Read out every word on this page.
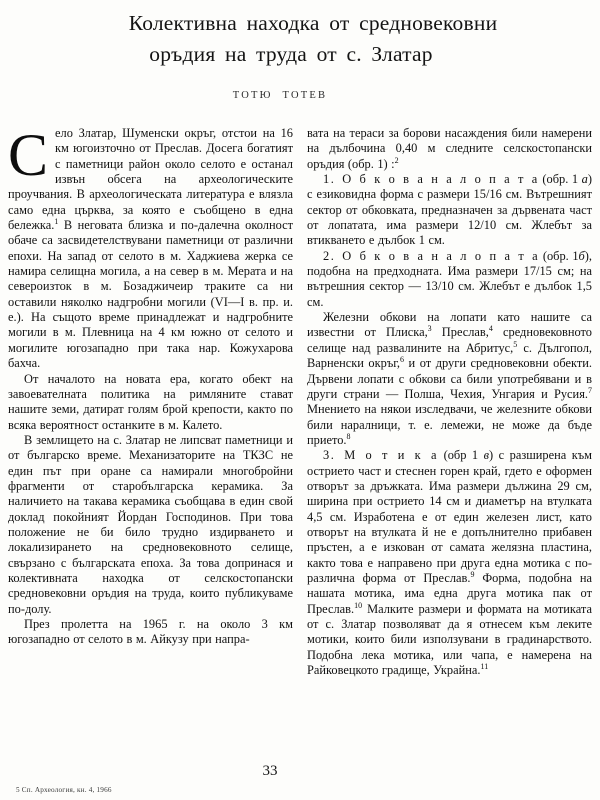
Колективна находка от средновековни
оръдия на труда от с. Златар
ТОТЮ ТОТЕВ

Село Златар, Шуменски окръг, отстои на 16 км югоизточно от Преслав. Досега богатият с паметници район около селото е останал извън обсега на археологическите проучвания. В археологическата литература е влязла само една църква, за която е съобщено в една бележка.$^1$ В неговата близка и по-далечна околност обаче са засвидетелствувани паметници от различни епохи. На запад от селото в м. Хаджиева жерка се намира селищна могила, а на север в м. Мерата и на североизток в м. Бозаджичеир траките са ни оставили няколко надгробни могили (VI—I в. пр. и. е.). На същото време принадлежат и надгробните могили в м. Плевница на 4 км южно от селото и могилите югозападно при така нар. Кожухарова бахча.

От началото на новата ера, когато обект на завоевателната политика на римляните стават нашите земи, датират голям брой крепости, както по всяка вероятност останките в м. Калето.

В землището на с. Златар не липсват паметници и от българско време. Механизаторите на ТКЗС не един път при оране са намирали многобройни фрагменти от старобългарска керамика. За наличието на такава керамика съобщава в един свой доклад покойният Йордан Господинов. При това положение не би било трудно издирването и локализирането на средновековното селище, свързано с българската епоха. За това допринася и колективната находка от селскостопански средновековни оръдия на труда, които публикуваме по-долу.

През пролетта на 1965 г. на около 3 км югозападно от селото в м. Айкузу при напра-

вата на тераси за борови насаждения били намерени на дълбочина 0,40 м следните селскостопански оръдия (обр. 1) :$^2$

1. О б к о в а н а л о п а т а (обр. 1 а) с езиковидна форма с размери 15/16 см. Вътрешният сектор от обковката, предназначен за дървената част от лопатата, има размери 12/10 см. Жлебът за втикването е дълбок 1 см.

2. О б к о в а н а л о п а т а (обр. 1б), подобна на предходната. Има размери 17/15 см; на вътрешния сектор — 13/10 см. Жлебът е дълбок 1,5 см.

Железни обкови на лопати като нашите са известни от Плиска,$^3$ Преслав,$^4$ средновековното селище над развалините на Абритус,$^5$ с. Дългопол, Варненски окръг,$^6$ и от други средновековни обекти. Дървени лопати с обкови са били употребявани и в други страни — Полша, Чехия, Унгария и Русия.$^7$ Мнението на някои изследвачи, че железните обкови били наралници, т. е. лемежи, не може да бъде прието.$^8$

3. М о т и к а (обр 1 в) с разширена към острието част и стеснен горен край, гдето е оформен отворът за дръжката. Има размери дължина 29 см, ширина при острието 14 см и диаметър на втулката 4,5 см. Изработена е от един железен лист, като отворът на втулката й не е допълнително прибавен пръстен, а е изкован от самата желязна пластина, както това е направено при друга една мотика с по-различна форма от Преслав.$^9$ Форма, подобна на нашата мотика, има една друга мотика пак от Преслав.$^{10}$ Малките размери и формата на мотиката от с. Златар позволяват да я отнесем към леките мотики, които били използувани в градинарството. Подобна лека мотика, или чапа, е намерена на Райковецкото градище, Украйна.$^{11}$

33
5 Сп. Археология, кн. 4, 1966
